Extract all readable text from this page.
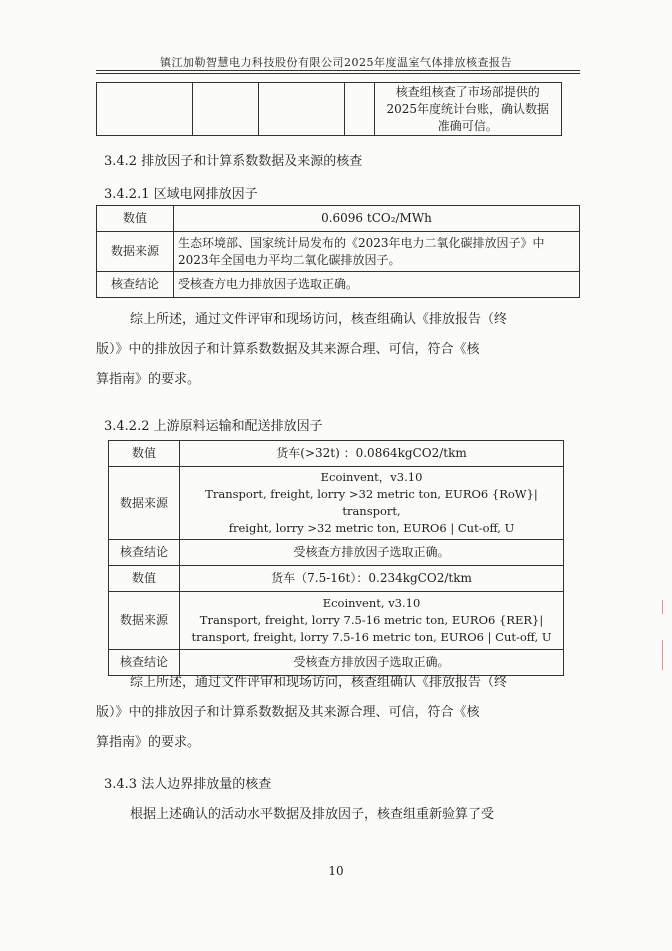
镇江加勒智慧电力科技股份有限公司2025年度温室气体排放核查报告
				核查组核查了市场部提供的2025年度统计台账，确认数据准确可信。
3.4.2 排放因子和计算系数数据及来源的核查
3.4.2.1 区域电网排放因子
数值	0.6096 tCO₂/MWh
数据来源	生态环境部、国家统计局发布的《2023年电力二氧化碳排放因子》中2023年全国电力平均二氧化碳排放因子。
核查结论	受核查方电力排放因子选取正确。
综上所述，通过文件评审和现场访问，核查组确认《排放报告（终
版）》中的排放因子和计算系数数据及其来源合理、可信，符合《核
算指南》的要求。
3.4.2.2 上游原料运输和配送排放因子
数值	货车(>32t) ：0.0864kgCO2/tkm
数据来源	Ecoinvent，v3.10
Transport, freight, lorry >32 metric ton, EURO6 {RoW}| transport,
freight, lorry >32 metric ton, EURO6 | Cut-off, U

核查结论	受核查方排放因子选取正确。
数值	货车（7.5-16t）：0.234kgCO2/tkm
数据来源	Ecoinvent, v3.10
Transport, freight, lorry 7.5-16 metric ton, EURO6 {RER}|
transport, freight, lorry 7.5-16 metric ton, EURO6 | Cut-off, U

核查结论	受核查方排放因子选取正确。
综上所述，通过文件评审和现场访问，核查组确认《排放报告（终
版）》中的排放因子和计算系数数据及其来源合理、可信，符合《核
算指南》的要求。
3.4.3 法人边界排放量的核查
根据上述确认的活动水平数据及排放因子，核查组重新验算了受
10
